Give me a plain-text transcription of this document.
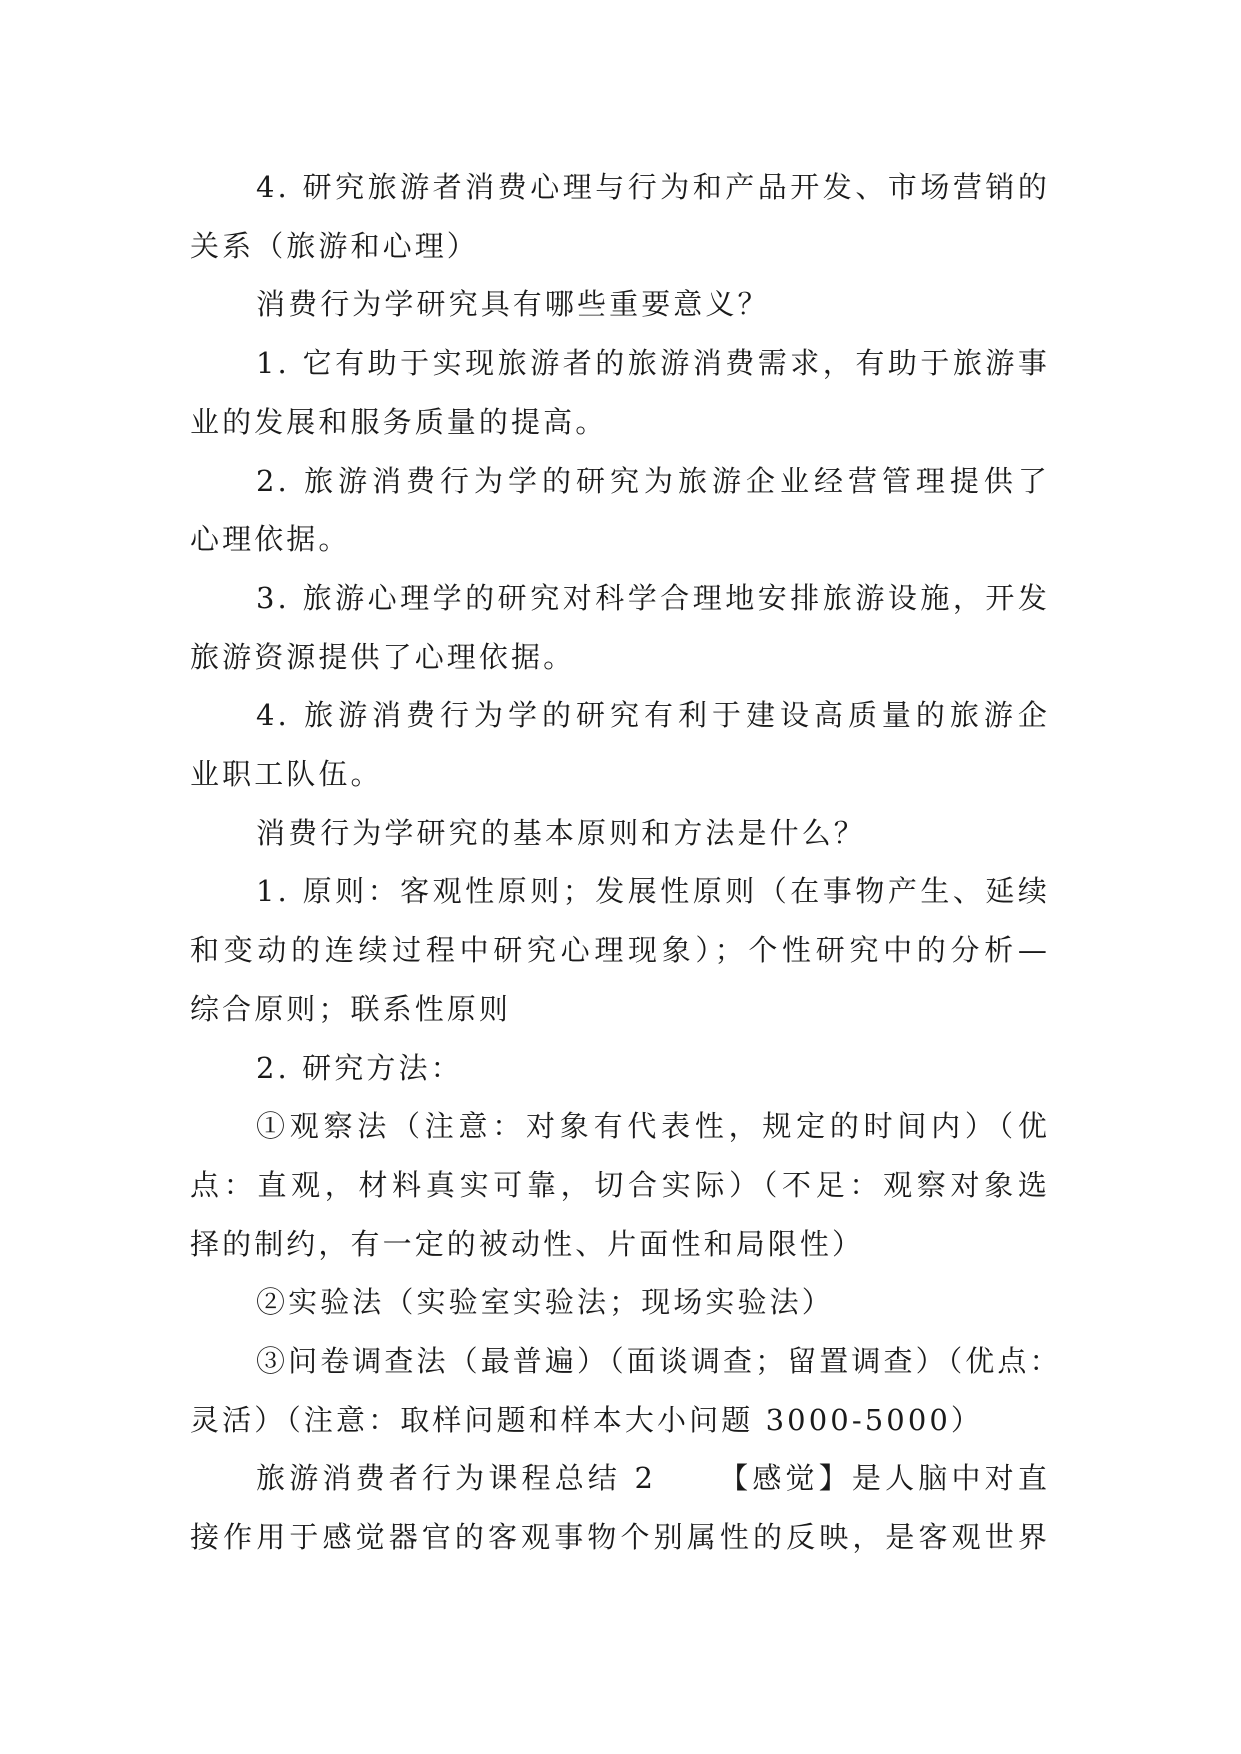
4. 研究旅游者消费心理与行为和产品开发、市场营销的
关系（旅游和心理）
消费行为学研究具有哪些重要意义？
1. 它有助于实现旅游者的旅游消费需求，有助于旅游事
业的发展和服务质量的提高。
2. 旅游消费行为学的研究为旅游企业经营管理提供了
心理依据。
3. 旅游心理学的研究对科学合理地安排旅游设施，开发
旅游资源提供了心理依据。
4. 旅游消费行为学的研究有利于建设高质量的旅游企
业职工队伍。
消费行为学研究的基本原则和方法是什么？
1. 原则：客观性原则；发展性原则（在事物产生、延续
和变动的连续过程中研究心理现象）；个性研究中的分析—
综合原则；联系性原则
2. 研究方法：
①观察法（注意：对象有代表性，规定的时间内）（优
点：直观，材料真实可靠，切合实际）（不足：观察对象选
择的制约，有一定的被动性、片面性和局限性）
②实验法（实验室实验法；现场实验法）
③问卷调查法（最普遍）（面谈调查；留置调查）（优点：
灵活）（注意：取样问题和样本大小问题 3000-5000）
旅游消费者行为课程总结 2 【感觉】是人脑中对直
接作用于感觉器官的客观事物个别属性的反映，是客观世界
